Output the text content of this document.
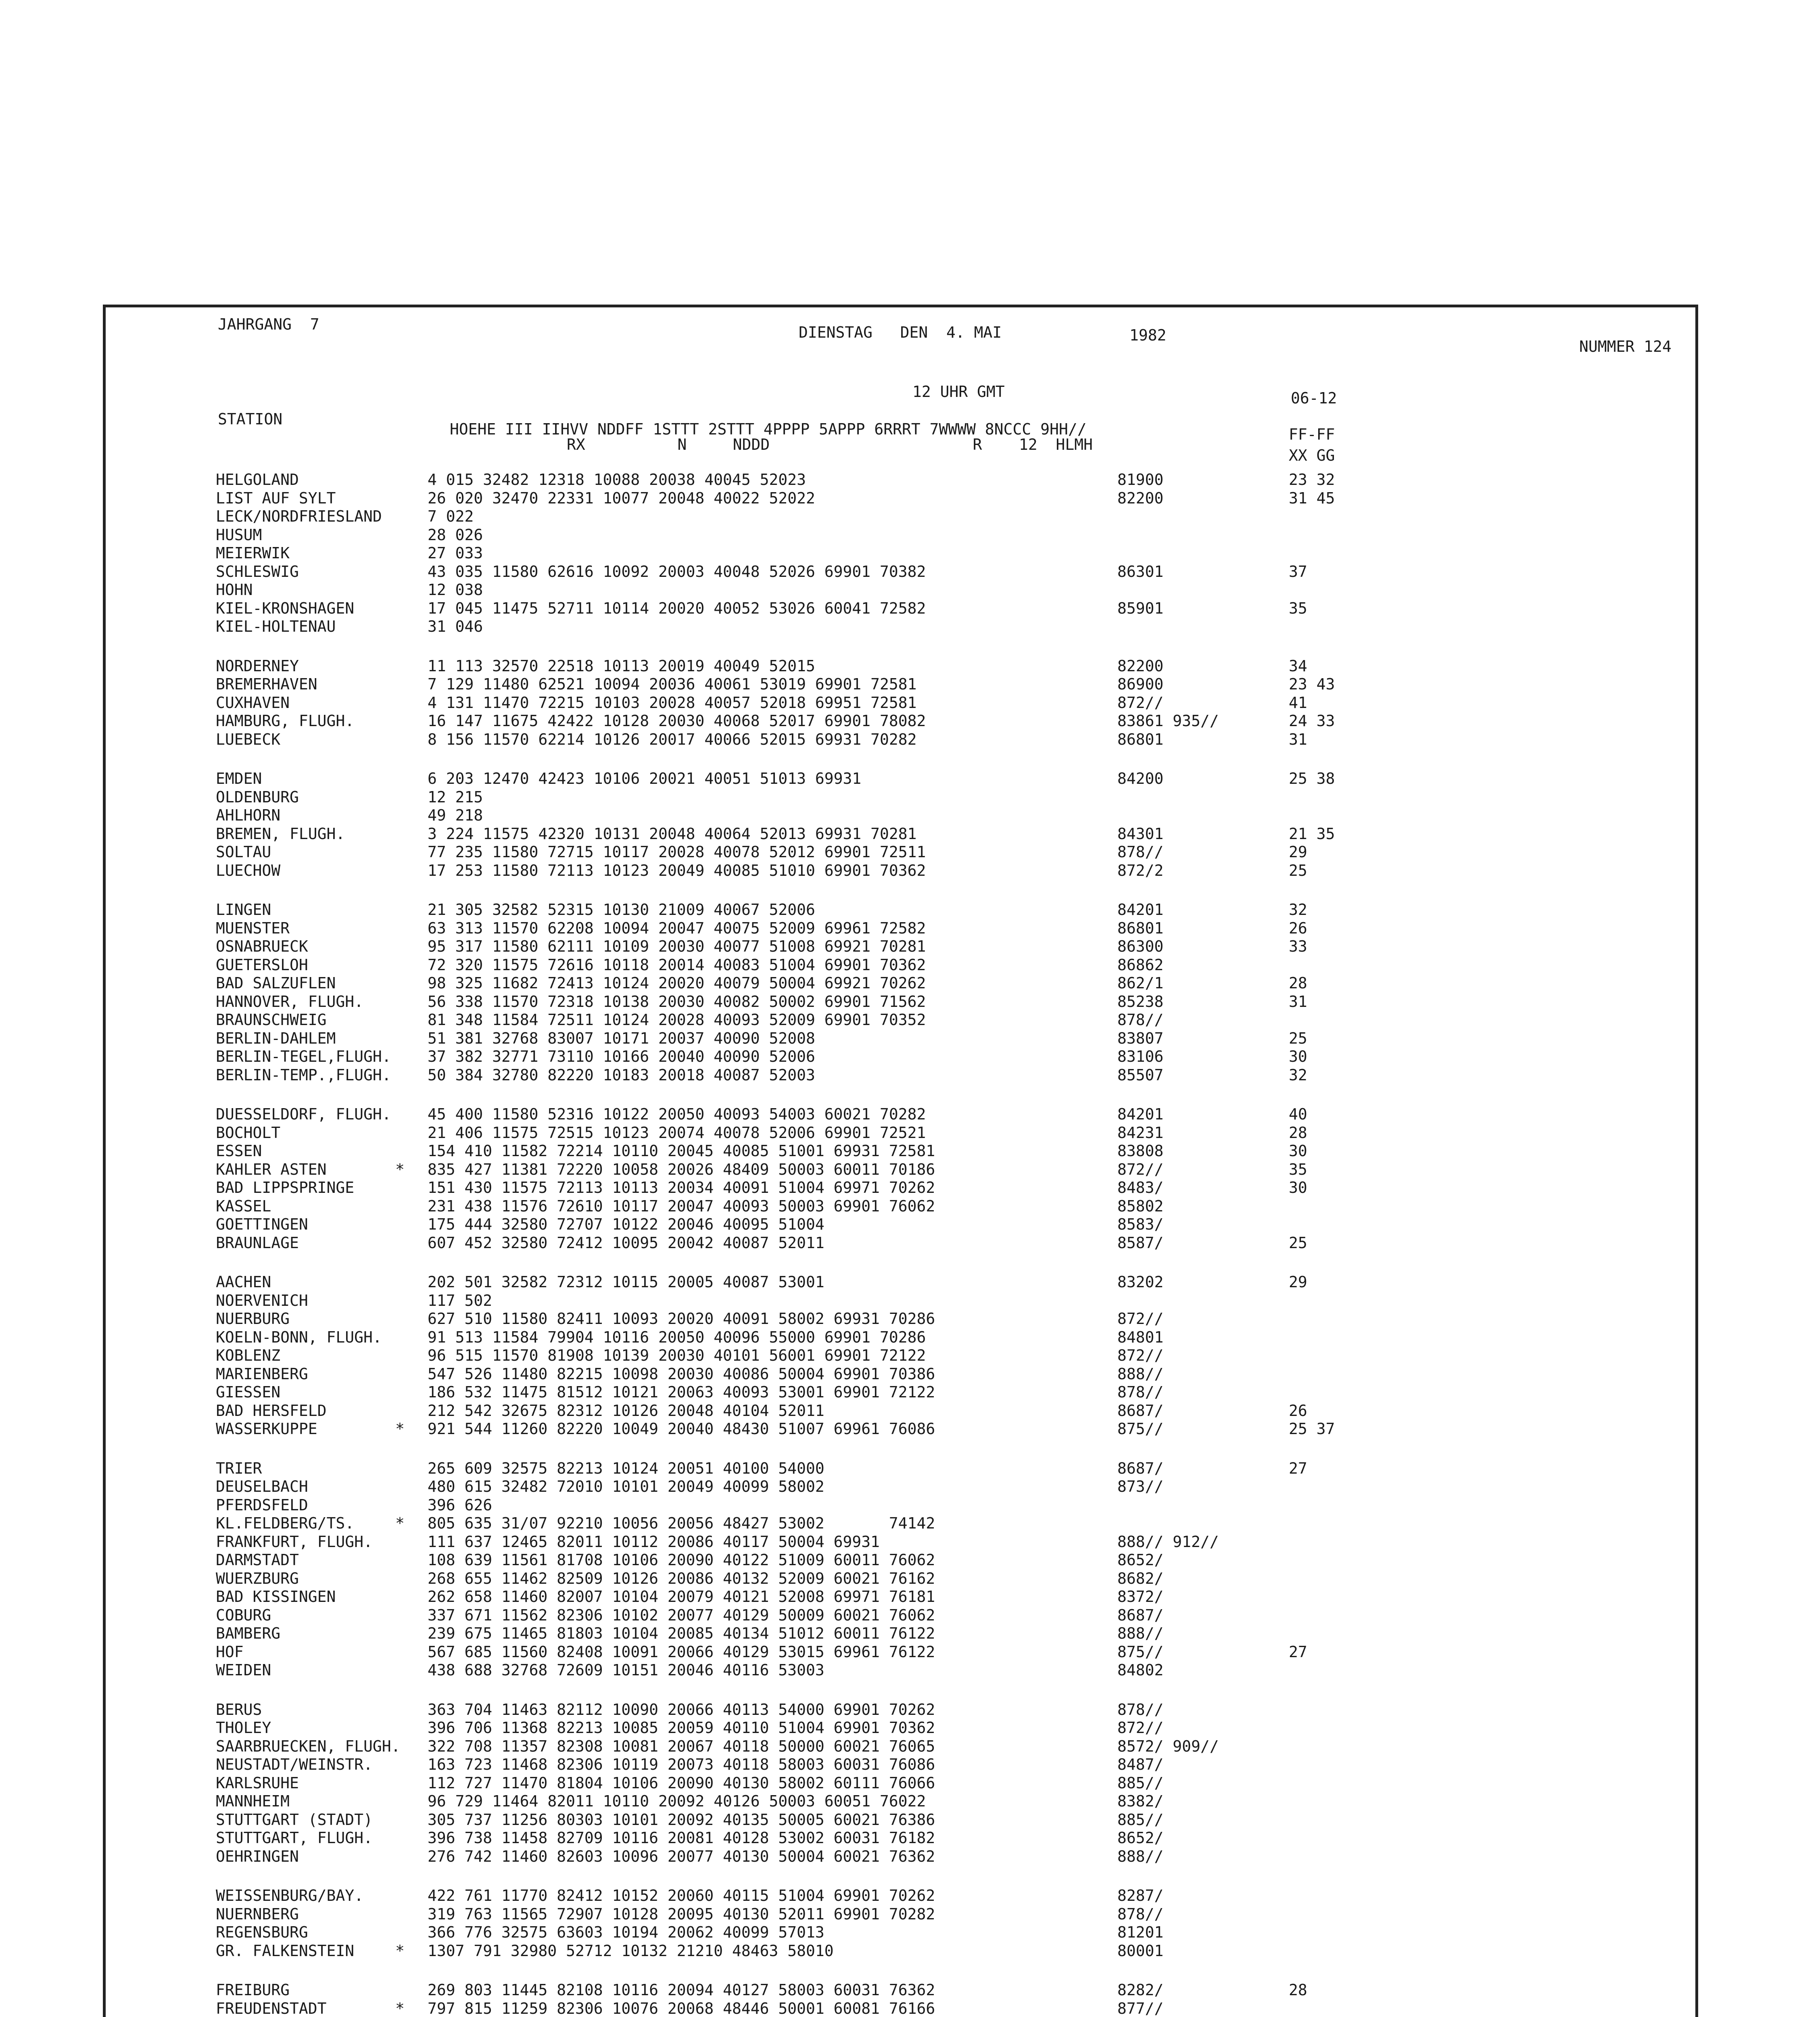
JAHRGANG  7	DIENSTAG   DEN  4. MAI	1982
NUMMER 124
12 UHR GMT	06-12
STATION
HOEHE III IIHVV NDDFF 1STTT 2STTT 4PPPP 5APPP 6RRRT 7WWWW 8NCCC 9HH//
RX          N     NDDD                      R    12  HLMH
FF-FF
XX GG
HELGOLAND	4 015 32482 12318 10088 20038 40045 52023	81900	23 32
LIST AUF SYLT	26 020 32470 22331 10077 20048 40022 52022	82200	31 45
LECK/NORDFRIESLAND	7 022
HUSUM	28 026
MEIERWIK	27 033
SCHLESWIG	43 035 11580 62616 10092 20003 40048 52026 69901 70382	86301	37
HOHN	12 038
KIEL-KRONSHAGEN	17 045 11475 52711 10114 20020 40052 53026 60041 72582	85901	35
KIEL-HOLTENAU	31 046
NORDERNEY	11 113 32570 22518 10113 20019 40049 52015	82200	34
BREMERHAVEN	7 129 11480 62521 10094 20036 40061 53019 69901 72581	86900	23 43
CUXHAVEN	4 131 11470 72215 10103 20028 40057 52018 69951 72581	872//	41
HAMBURG, FLUGH.	16 147 11675 42422 10128 20030 40068 52017 69901 78082	83861 935//	24 33
LUEBECK	8 156 11570 62214 10126 20017 40066 52015 69931 70282	86801	31
EMDEN	6 203 12470 42423 10106 20021 40051 51013 69931	84200	25 38
OLDENBURG	12 215
AHLHORN	49 218
BREMEN, FLUGH.	3 224 11575 42320 10131 20048 40064 52013 69931 70281	84301	21 35
SOLTAU	77 235 11580 72715 10117 20028 40078 52012 69901 72511	878//	29
LUECHOW	17 253 11580 72113 10123 20049 40085 51010 69901 70362	872/2	25
LINGEN	21 305 32582 52315 10130 21009 40067 52006	84201	32
MUENSTER	63 313 11570 62208 10094 20047 40075 52009 69961 72582	86801	26
OSNABRUECK	95 317 11580 62111 10109 20030 40077 51008 69921 70281	86300	33
GUETERSLOH	72 320 11575 72616 10118 20014 40083 51004 69901 70362	86862
BAD SALZUFLEN	98 325 11682 72413 10124 20020 40079 50004 69921 70262	862/1	28
HANNOVER, FLUGH.	56 338 11570 72318 10138 20030 40082 50002 69901 71562	85238	31
BRAUNSCHWEIG	81 348 11584 72511 10124 20028 40093 52009 69901 70352	878//
BERLIN-DAHLEM	51 381 32768 83007 10171 20037 40090 52008	83807	25
BERLIN-TEGEL,FLUGH. 37 382 32771 73110 10166 20040 40090 52006	83106	30
BERLIN-TEMP.,FLUGH. 50 384 32780 82220 10183 20018 40087 52003	85507	32
DUESSELDORF, FLUGH. 45 400 11580 52316 10122 20050 40093 54003 60021 70282	84201	40
BOCHOLT	21 406 11575 72515 10123 20074 40078 52006 69901 72521	84231	28
ESSEN	154 410 11582 72214 10110 20045 40085 51001 69931 72581	83808	30
KAHLER ASTEN	* 835 427 11381 72220 10058 20026 48409 50003 60011 70186	872//	35
BAD LIPPSPRINGE	151 430 11575 72113 10113 20034 40091 51004 69971 70262	8483/	30
KASSEL	231 438 11576 72610 10117 20047 40093 50003 69901 76062	85802
GOETTINGEN	175 444 32580 72707 10122 20046 40095 51004	8583/
BRAUNLAGE	607 452 32580 72412 10095 20042 40087 52011	8587/	25
AACHEN	202 501 32582 72312 10115 20005 40087 53001	83202	29
NOERVENICH	117 502
NUERBURG	627 510 11580 82411 10093 20020 40091 58002 69931 70286	872//
KOELN-BONN, FLUGH.	91 513 11584 79904 10116 20050 40096 55000 69901 70286	84801
KOBLENZ	96 515 11570 81908 10139 20030 40101 56001 69901 72122	872//
MARIENBERG	547 526 11480 82215 10098 20030 40086 50004 69901 70386	888//
GIESSEN	186 532 11475 81512 10121 20063 40093 53001 69901 72122	878//
BAD HERSFELD	212 542 32675 82312 10126 20048 40104 52011	8687/	26
WASSERKUPPE	* 921 544 11260 82220 10049 20040 48430 51007 69961 76086	875//	25 37
TRIER	265 609 32575 82213 10124 20051 40100 54000	8687/	27
DEUSELBACH	480 615 32482 72010 10101 20049 40099 58002	873//
PFERDSFELD	396 626
KL.FELDBERG/TS.	* 805 635 31/07 92210 10056 20056 48427 53002       74142
FRANKFURT, FLUGH.	111 637 12465 82011 10112 20086 40117 50004 69931	888// 912//
DARMSTADT	108 639 11561 81708 10106 20090 40122 51009 60011 76062	8652/
WUERZBURG	268 655 11462 82509 10126 20086 40132 52009 60021 76162	8682/
BAD KISSINGEN	262 658 11460 82007 10104 20079 40121 52008 69971 76181	8372/
COBURG	337 671 11562 82306 10102 20077 40129 50009 60021 76062	8687/
BAMBERG	239 675 11465 81803 10104 20085 40134 51012 60011 76122	888//
HOF	567 685 11560 82408 10091 20066 40129 53015 69961 76122	875//	27
WEIDEN	438 688 32768 72609 10151 20046 40116 53003	84802
BERUS	363 704 11463 82112 10090 20066 40113 54000 69901 70262	878//
THOLEY	396 706 11368 82213 10085 20059 40110 51004 69901 70362	872//
SAARBRUECKEN, FLUGH. 322 708 11357 82308 10081 20067 40118 50000 60021 76065	8572/ 909//
NEUSTADT/WEINSTR.	163 723 11468 82306 10119 20073 40118 58003 60031 76086	8487/
KARLSRUHE	112 727 11470 81804 10106 20090 40130 58002 60111 76066	885//
MANNHEIM	96 729 11464 82011 10110 20092 40126 50003 60051 76022	8382/
STUTTGART (STADT)	305 737 11256 80303 10101 20092 40135 50005 60021 76386	885//
STUTTGART, FLUGH.	396 738 11458 82709 10116 20081 40128 53002 60031 76182	8652/
OEHRINGEN	276 742 11460 82603 10096 20077 40130 50004 60021 76362	888//
WEISSENBURG/BAY.	422 761 11770 82412 10152 20060 40115 51004 69901 70262	8287/
NUERNBERG	319 763 11565 72907 10128 20095 40130 52011 69901 70282	878//
REGENSBURG	366 776 32575 63603 10194 20062 40099 57013	81201
GR. FALKENSTEIN	* 1307 791 32980 52712 10132 21210 48463 58010	80001
FREIBURG	269 803 11445 82108 10116 20094 40127 58003 60031 76362	8282/	28
FREUDENSTADT	* 797 815 11259 82306 10076 20068 48446 50001 60081 76166	877//
